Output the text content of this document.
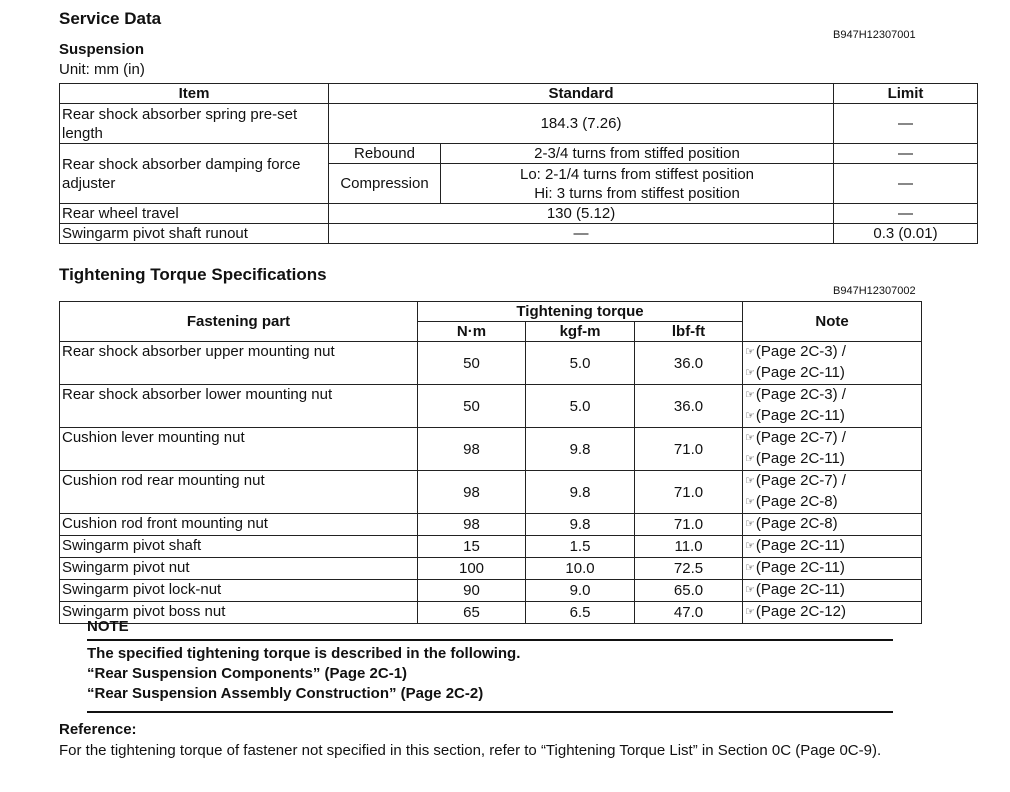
Service Data
B947H12307001
Suspension
Unit: mm (in)
Item	Standard		Limit
Rear shock absorber spring pre-set length	184.3 (7.26)		—
Rear shock absorber damping force adjuster	Rebound	2-3/4 turns from stiffed position	—
	Compression	Lo: 2-1/4 turns from stiffest position
Hi: 3 turns from stiffest position	—
Rear wheel travel	130 (5.12)		—
Swingarm pivot shaft runout	—		0.3 (0.01)
Tightening Torque Specifications
B947H12307002
Fastening part	Tightening torque			Note
	N·m	kgf-m	lbf-ft	
Rear shock absorber upper mounting nut	50	5.0	36.0	☞(Page 2C-3) /
☞(Page 2C-11)

Rear shock absorber lower mounting nut	50	5.0	36.0	☞(Page 2C-3) /
☞(Page 2C-11)

Cushion lever mounting nut	98	9.8	71.0	☞(Page 2C-7) /
☞(Page 2C-11)

Cushion rod rear mounting nut	98	9.8	71.0	☞(Page 2C-7) /
☞(Page 2C-8)

Cushion rod front mounting nut	98	9.8	71.0	☞(Page 2C-8)

Swingarm pivot shaft	15	1.5	11.0	☞(Page 2C-11)

Swingarm pivot nut	100	10.0	72.5	☞(Page 2C-11)

Swingarm pivot lock-nut	90	9.0	65.0	☞(Page 2C-11)

Swingarm pivot boss nut	65	6.5	47.0	☞(Page 2C-12)
NOTE
The specified tightening torque is described in the following.
“Rear Suspension Components” (Page 2C-1)
“Rear Suspension Assembly Construction” (Page 2C-2)
Reference:
For the tightening torque of fastener not specified in this section, refer to “Tightening Torque List” in Section 0C (Page 0C-9).
